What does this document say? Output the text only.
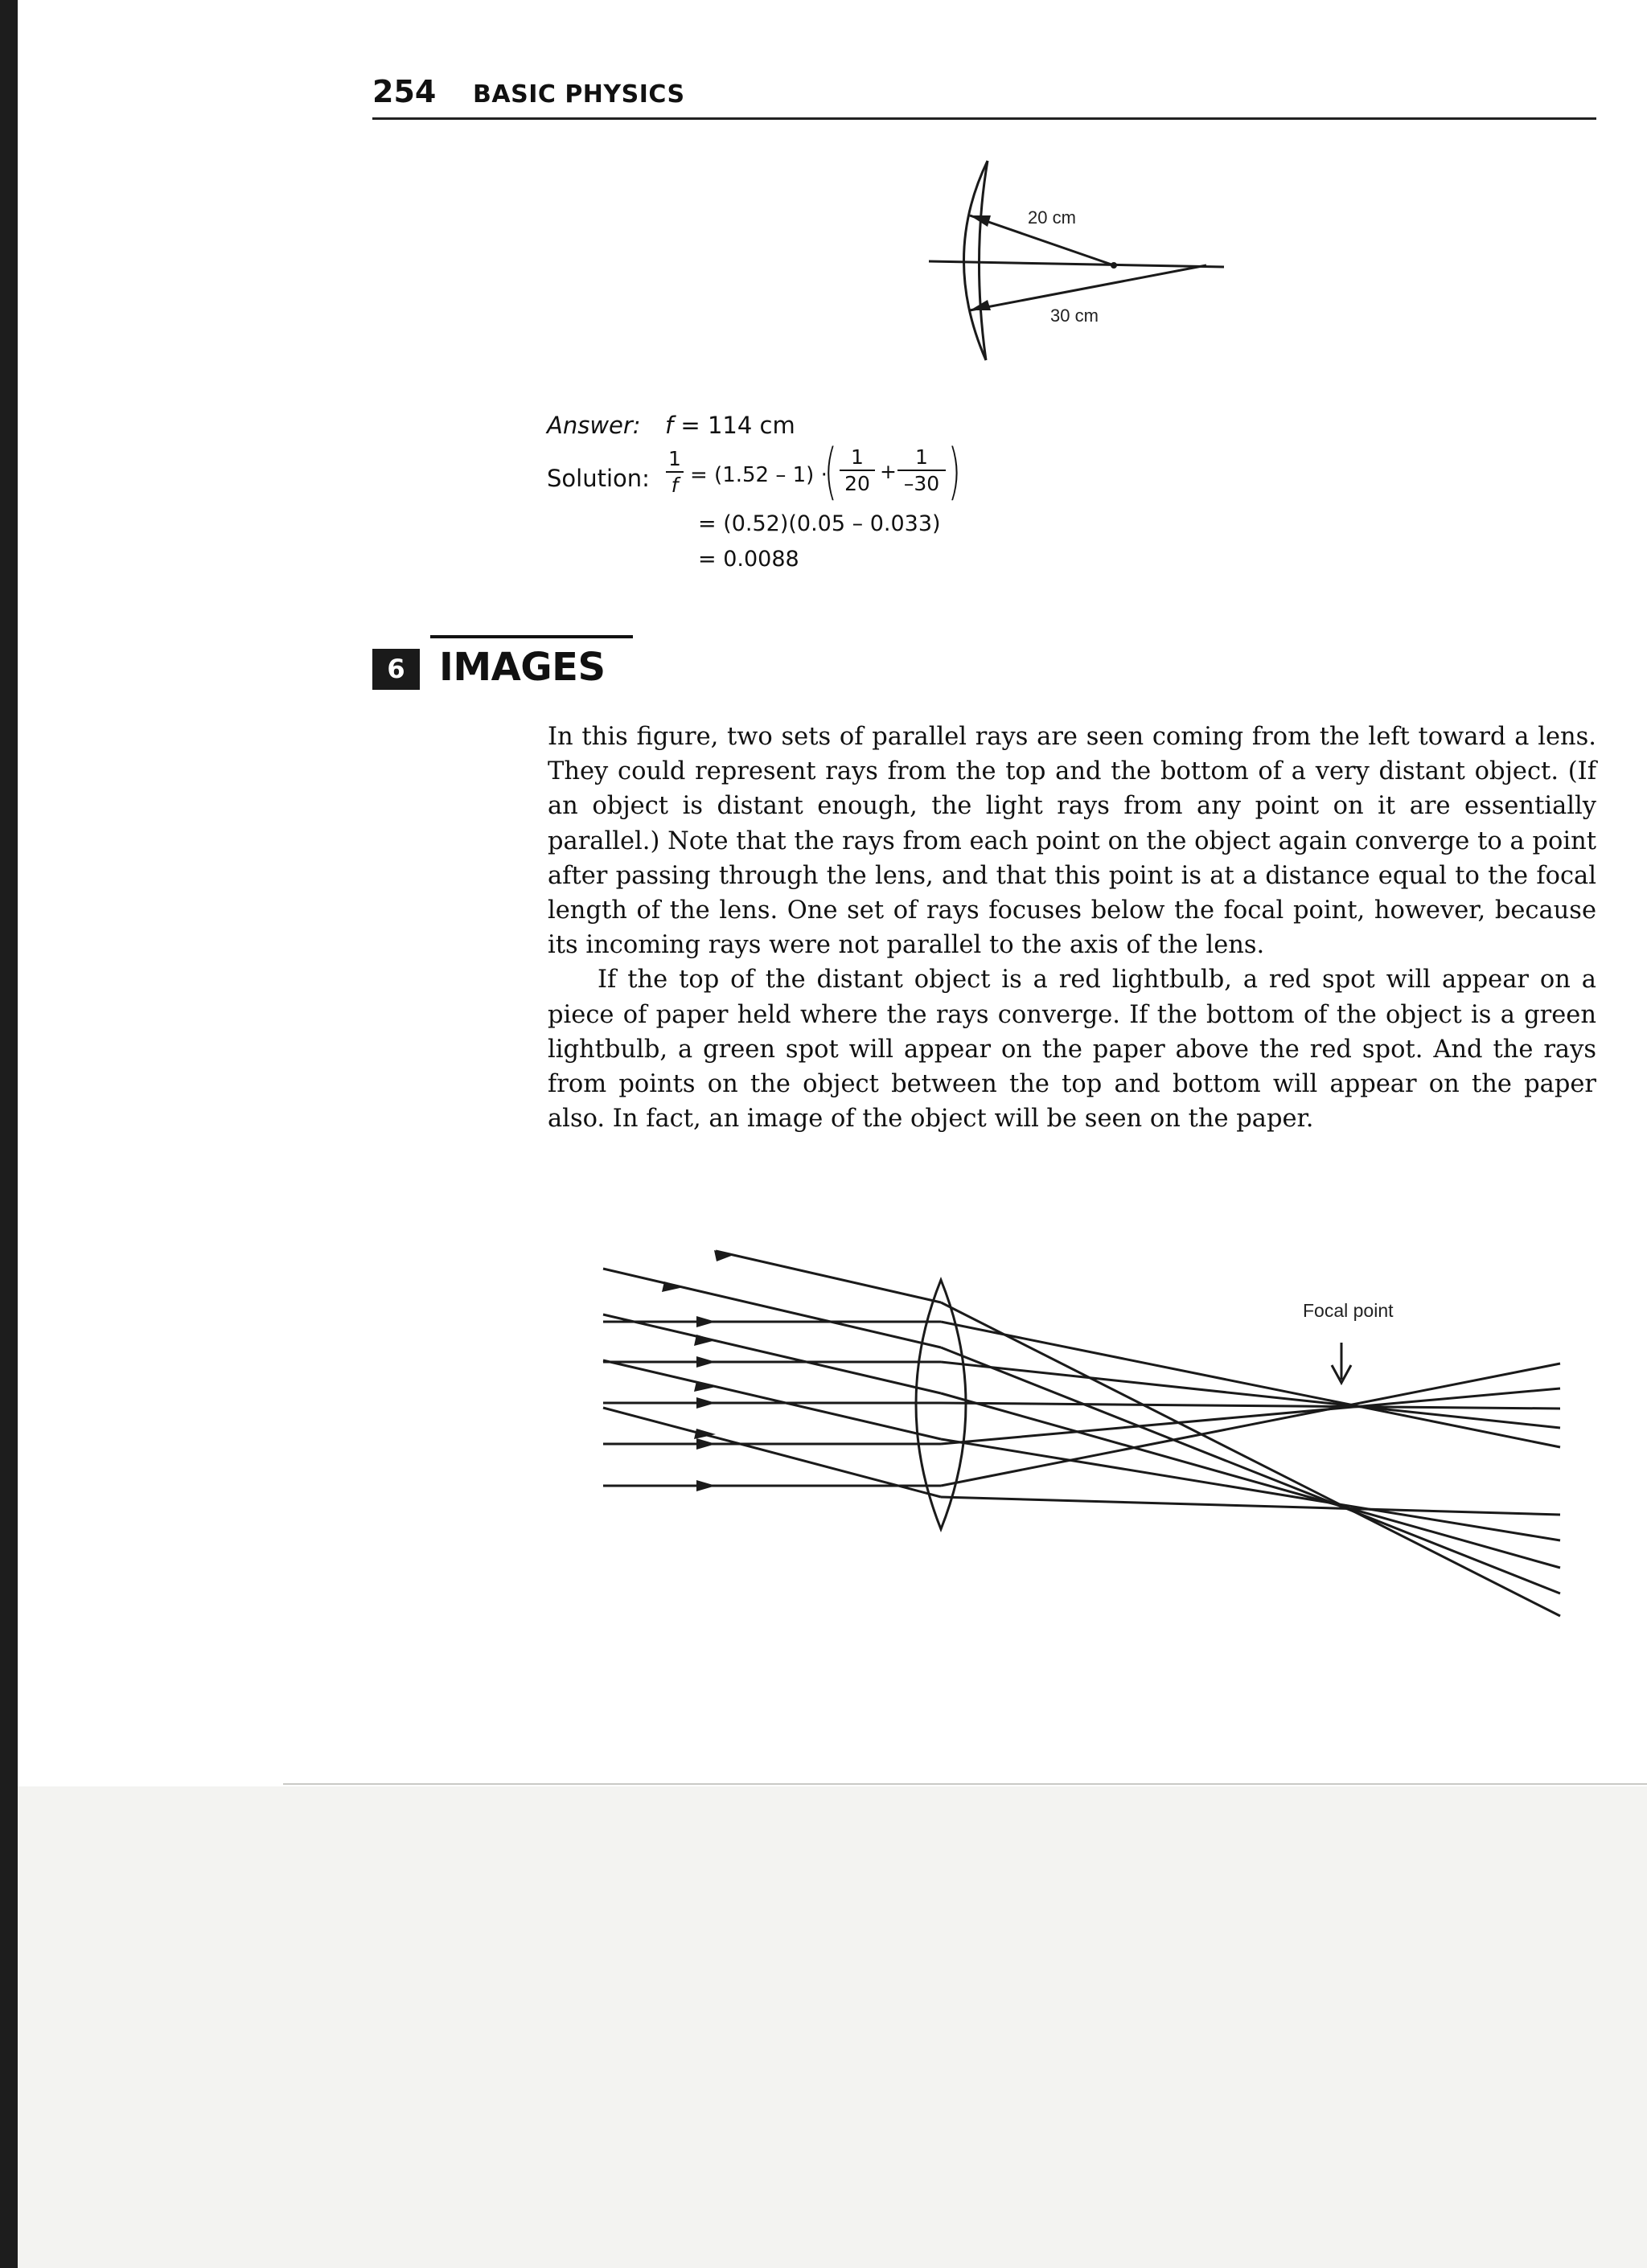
254 BASIC PHYSICS
20 cm
30 cm
Answer: f = 114 cm
Solution:
1
f = (1.52 – 1) ·
( 1
20
+
1
–30 )
= (0.52)(0.05 – 0.033)
= 0.0088
6 IMAGES

In this figure, two sets of parallel rays are seen coming from the left toward a lens. They could represent rays from the top and the bottom of a very distant object. (If an object is distant enough, the light rays from any point on it are essentially parallel.) Note that the rays from each point on the object again converge to a point after passing through the lens, and that this point is at a distance equal to the focal length of the lens. One set of rays focuses below the focal point, however, because its incoming rays were not parallel to the axis of the lens.

If the top of the distant object is a red lightbulb, a red spot will appear on a piece of paper held where the rays converge. If the bottom of the object is a green lightbulb, a green spot will appear on the paper above the red spot. And the rays from points on the object between the top and bottom will appear on the paper also. In fact, an image of the object will be seen on the paper.

Focal point
